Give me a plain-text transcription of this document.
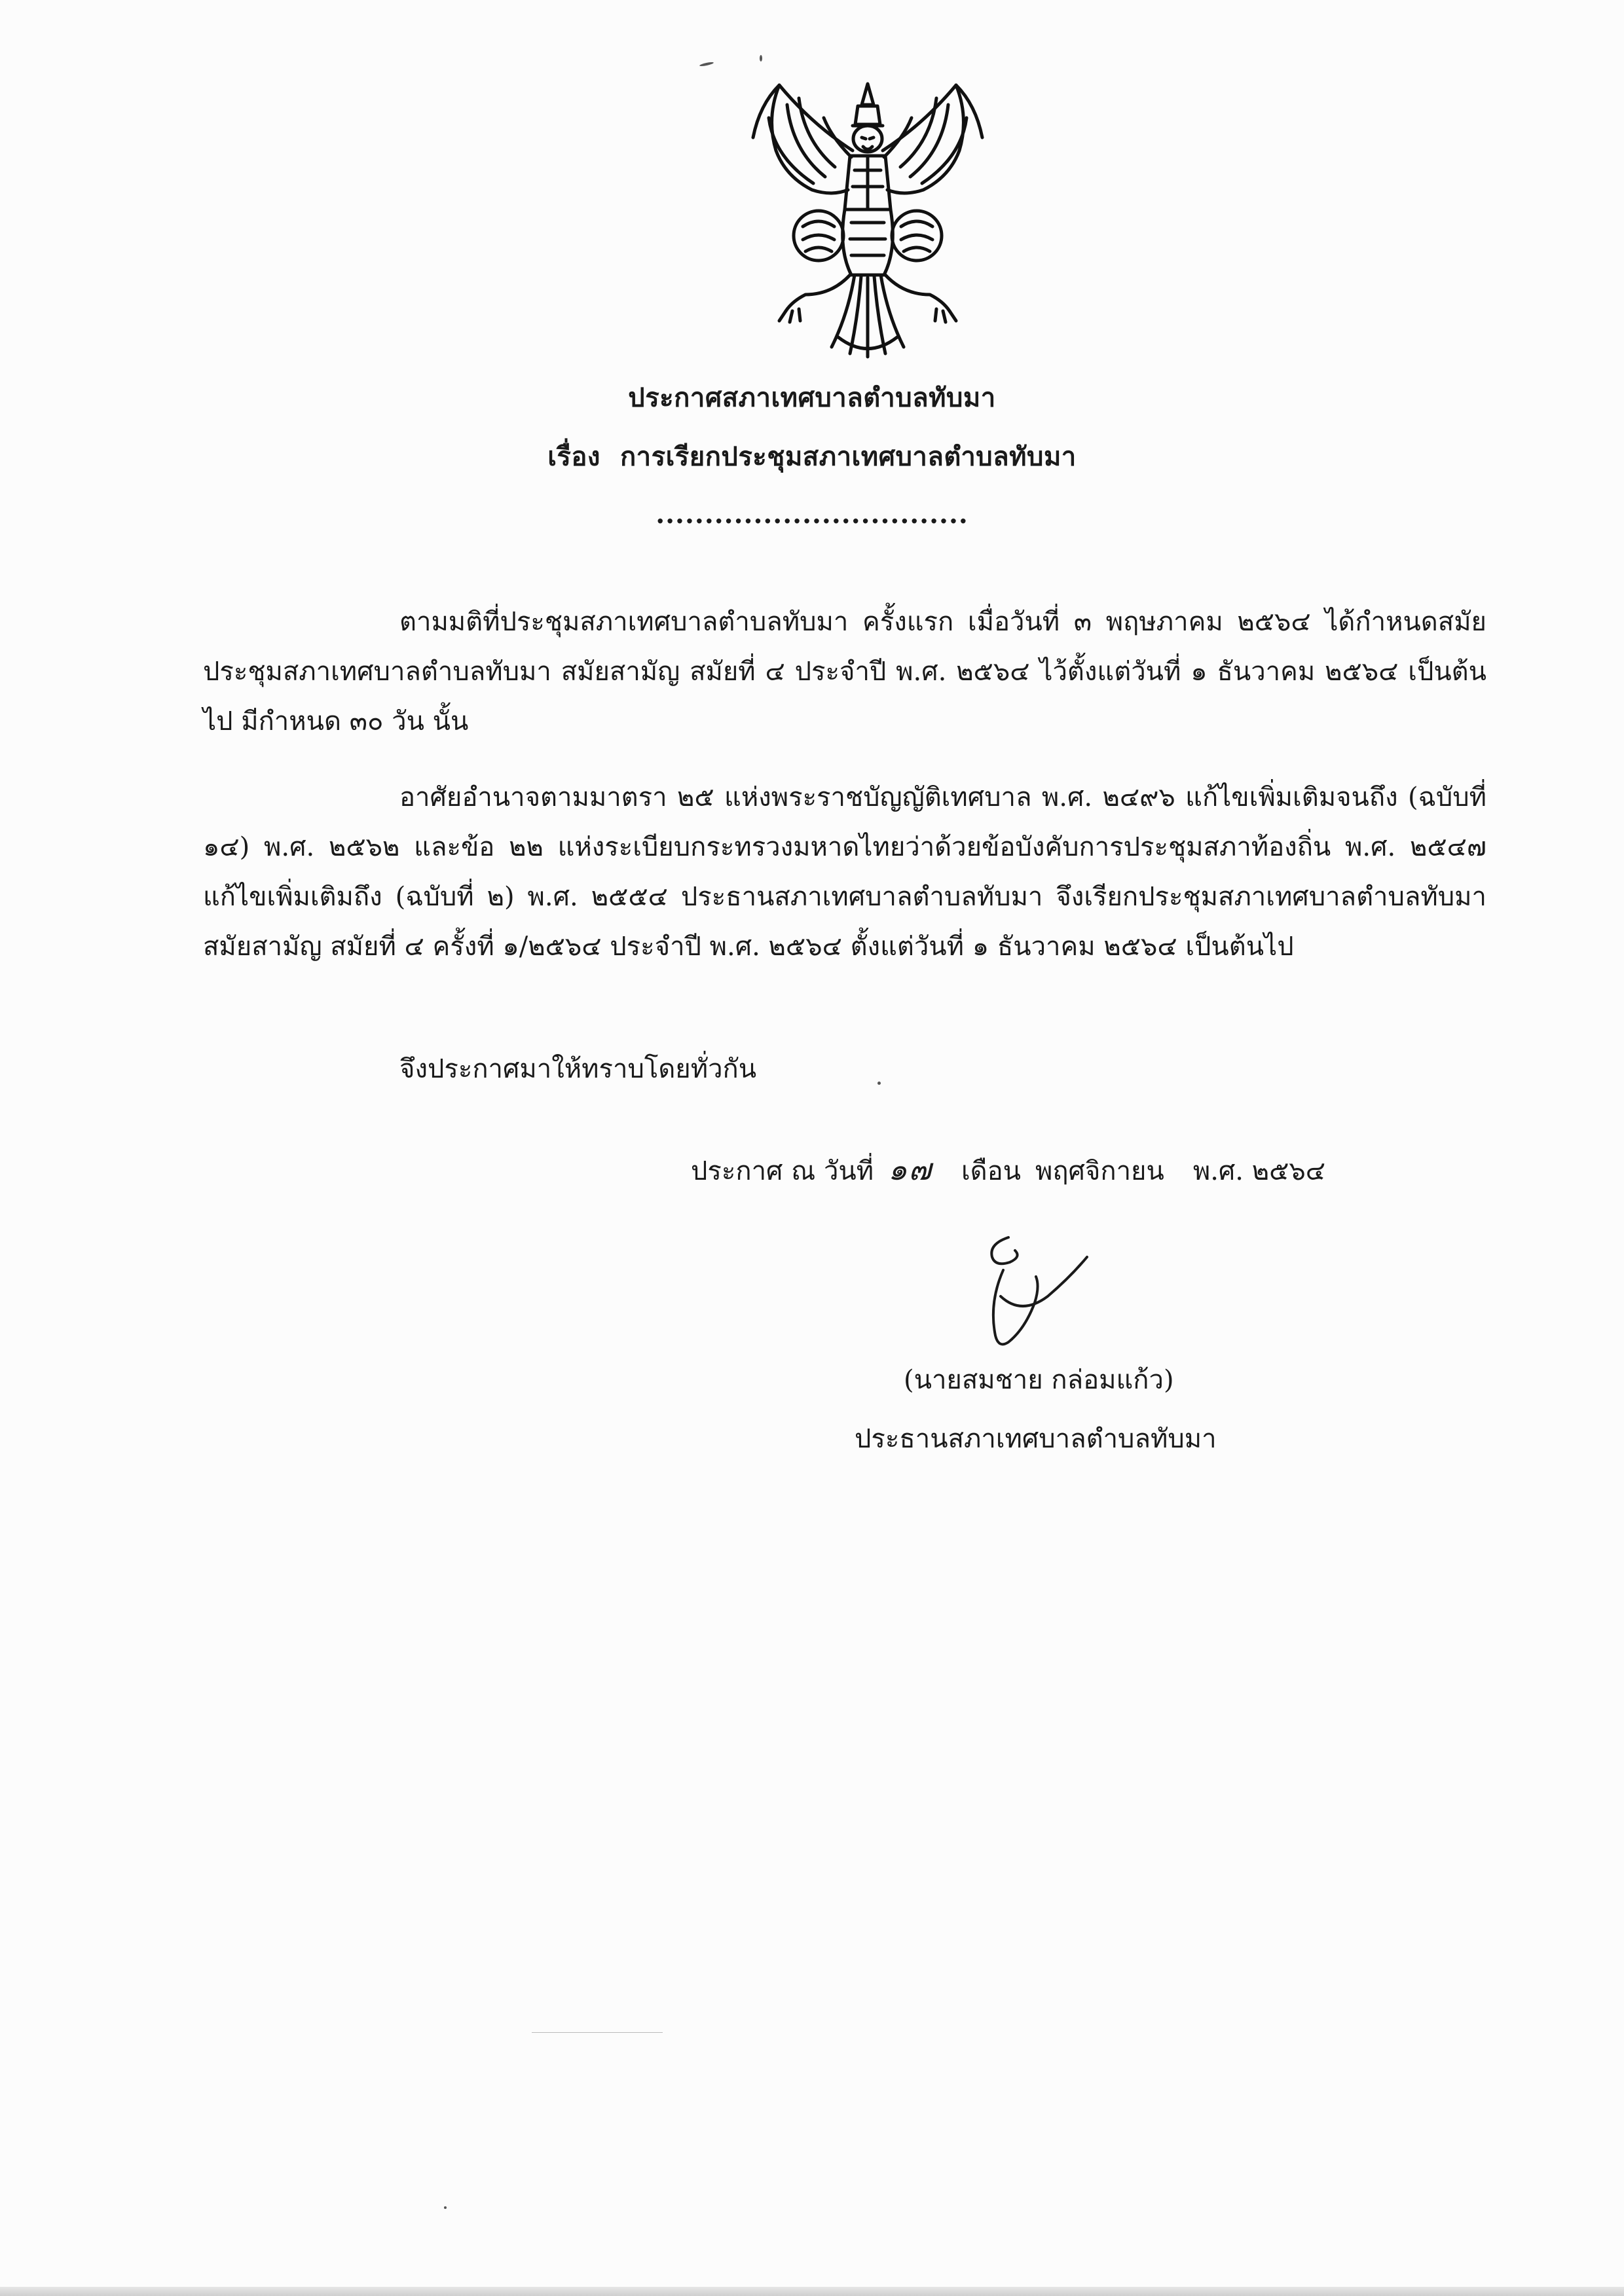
ประกาศสภาเทศบาลตำบลทับมา
เรื่อง การเรียกประชุมสภาเทศบาลตำบลทับมา
................................
ตามมติที่ประชุมสภาเทศบาลตำบลทับมา ครั้งแรก เมื่อวันที่ ๓ พฤษภาคม ๒๕๖๔ ได้กำหนดสมัยประชุมสภาเทศบาลตำบลทับมา สมัยสามัญ สมัยที่ ๔ ประจำปี พ.ศ. ๒๕๖๔ ไว้ตั้งแต่วันที่ ๑ ธันวาคม ๒๕๖๔ เป็นต้นไป มีกำหนด ๓๐ วัน นั้น
อาศัยอำนาจตามมาตรา ๒๕ แห่งพระราชบัญญัติเทศบาล พ.ศ. ๒๔๙๖ แก้ไขเพิ่มเติมจนถึง (ฉบับที่ ๑๔) พ.ศ. ๒๕๖๒ และข้อ ๒๒ แห่งระเบียบกระทรวงมหาดไทยว่าด้วยข้อบังคับการประชุมสภาท้องถิ่น พ.ศ. ๒๕๔๗ แก้ไขเพิ่มเติมถึง (ฉบับที่ ๒) พ.ศ. ๒๕๕๔ ประธานสภาเทศบาลตำบลทับมา จึงเรียกประชุมสภาเทศบาลตำบลทับมา สมัยสามัญ สมัยที่ ๔ ครั้งที่ ๑/๒๕๖๔ ประจำปี พ.ศ. ๒๕๖๔ ตั้งแต่วันที่ ๑ ธันวาคม ๒๕๖๔ เป็นต้นไป
จึงประกาศมาให้ทราบโดยทั่วกัน
ประกาศ ณ วันที่ ๑๗ เดือน พฤศจิกายน พ.ศ. ๒๕๖๔
(นายสมชาย กล่อมแก้ว)
ประธานสภาเทศบาลตำบลทับมา
